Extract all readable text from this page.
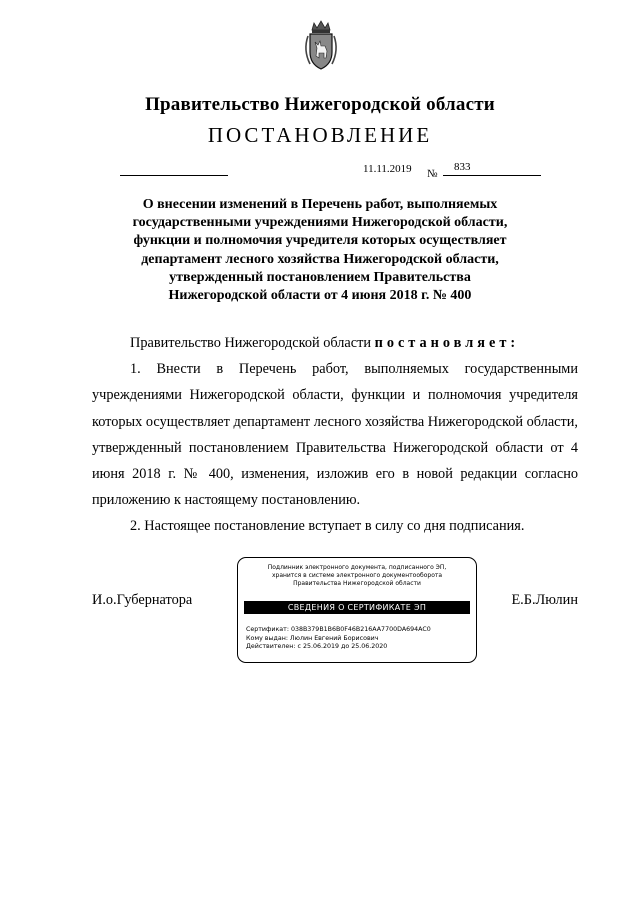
Правительство Нижегородской области
ПОСТАНОВЛЕНИЕ
11.11.2019 №
833
О внесении изменений в Перечень работ, выполняемых
государственными учреждениями Нижегородской области,
функции и полномочия учредителя которых осуществляет
департамент лесного хозяйства Нижегородской области,
утвержденный постановлением Правительства
Нижегородской области от 4 июня 2018 г. № 400

Правительство Нижегородской области постановляет:

1. Внести в Перечень работ, выполняемых государственными учреждениями Нижегородской области, функции и полномочия учредителя которых осуществляет департамент лесного хозяйства Нижегородской области, утвержденный постановлением Правительства Нижегородской области от 4 июня 2018 г. № 400, изменения, изложив его в новой редакции согласно приложению к настоящему постановлению.

2. Настоящее постановление вступает в силу со дня подписания.

И.о.Губернатора	Е.Б.Люлин
Подлинник электронного документа, подписанного ЭП,
хранится в системе электронного документооборота
Правительства Нижегородской области
СВЕДЕНИЯ О СЕРТИФИКАТЕ ЭП
Сертификат: 038B379B1B6B0F46B216AA7700DA694AC0
Кому выдан: Люлин Евгений Борисович
Действителен: с 25.06.2019 до 25.06.2020
